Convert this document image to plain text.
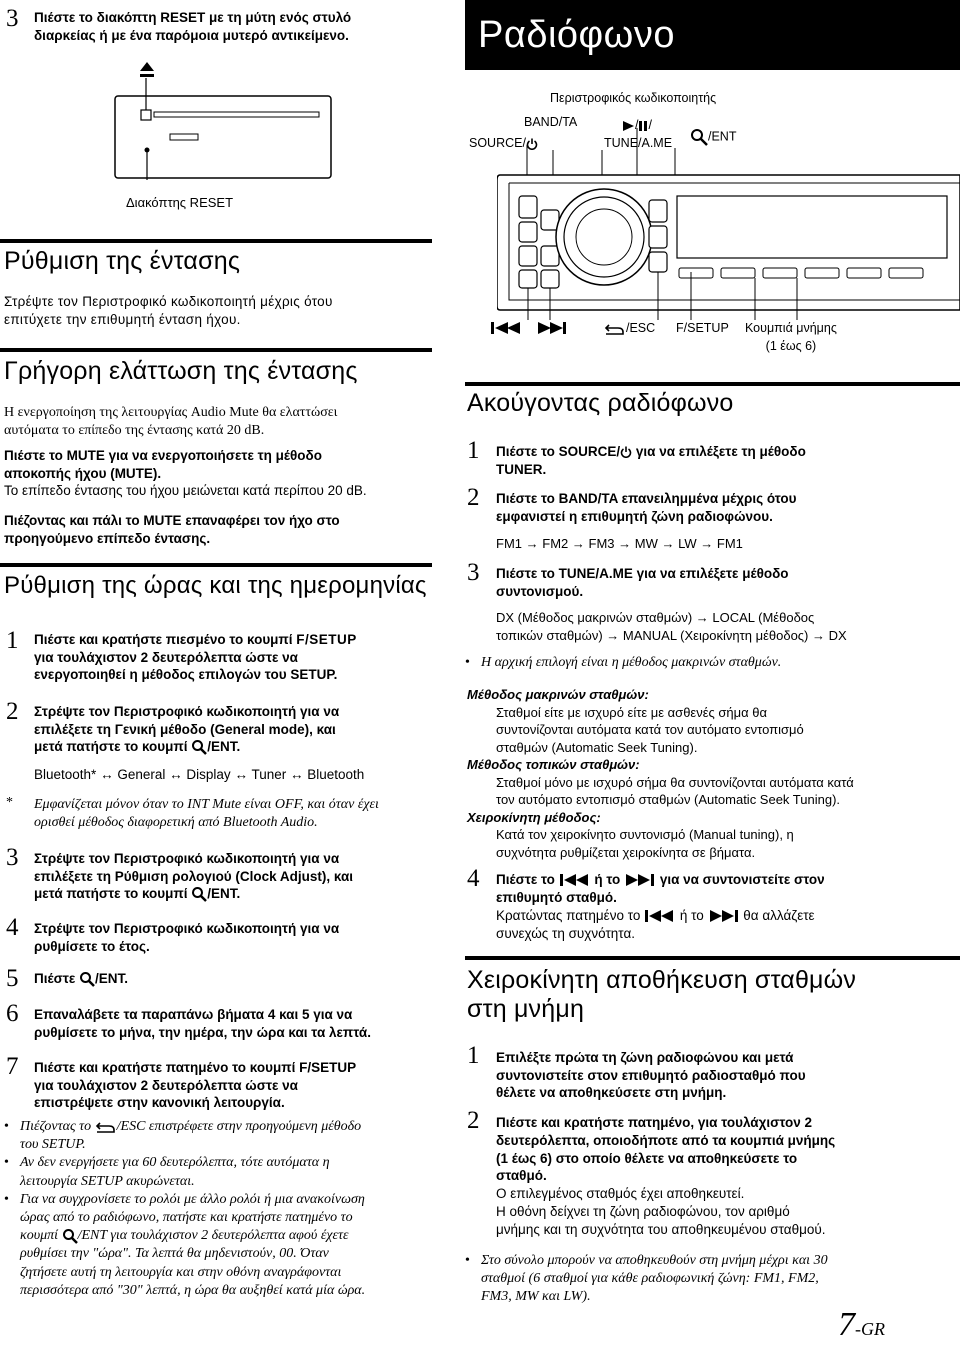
3 Πιέστε το διακόπτη RESET με τη μύτη ενός στυλό
διαρκείας ή με ένα παρόμοια μυτερό αντικείμενο.
Διακόπτης RESET
Ρύθμιση της έντασης
Στρέψτε τον Περιστροφικό κωδικοποιητή μέχρις ότου
επιτύχετε την επιθυμητή ένταση ήχου.
Γρήγορη ελάττωση της έντασης
Η ενεργοποίηση της λειτουργίας Audio Mute θα ελαττώσει
αυτόματα το επίπεδο της έντασης κατά 20 dB.
Πιέστε το MUTE για να ενεργοποιήσετε τη μέθοδο
αποκοπής ήχου (MUTE).
Το επίπεδο έντασης του ήχου μειώνεται κατά περίπου 20 dB.
Πιέζοντας και πάλι το MUTE επαναφέρει τον ήχο στο
προηγούμενο επίπεδο έντασης.
Ρύθμιση της ώρας και της ημερομηνίας
1 Πιέστε και κρατήστε πιεσμένο το κουμπί F/SETUP
για τουλάχιστον 2 δευτερόλεπτα ώστε να
ενεργοποιηθεί η μέθοδος επιλογών του SETUP.
2 Στρέψτε τον Περιστροφικό κωδικοποιητή για να
επιλέξετε τη Γενική μέθοδο (General mode), και
μετά πατήστε το κουμπί /ENT.
Bluetooth* ↔ General ↔ Display ↔ Tuner ↔ Bluetooth
* Εμφανίζεται μόνον όταν το INT Mute είναι OFF, και όταν έχει
ορισθεί μέθοδος διαφορετική από Bluetooth Audio.
3 Στρέψτε τον Περιστροφικό κωδικοποιητή για να
επιλέξετε τη Ρύθμιση ρολογιού (Clock Adjust), και
μετά πατήστε το κουμπί /ENT.
4 Στρέψτε τον Περιστροφικό κωδικοποιητή για να
ρυθμίσετε το έτος.
5 Πιέστε /ENT.
6 Επαναλάβετε τα παραπάνω βήματα 4 και 5 για να
ρυθμίσετε το μήνα, την ημέρα, την ώρα και τα λεπτά.
7 Πιέστε και κρατήστε πατημένο το κουμπί F/SETUP
για τουλάχιστον 2 δευτερόλεπτα ώστε να
επιστρέψετε στην κανονική λειτουργία.
• Πιέζοντας το /ESC επιστρέφετε στην προηγούμενη μέθοδο
του SETUP.
• Αν δεν ενεργήσετε για 60 δευτερόλεπτα, τότε αυτόματα η
λειτουργία SETUP ακυρώνεται.
• Για να συγχρονίσετε το ρολόι με άλλο ρολόι ή μια ανακοίνωση
ώρας από το ραδιόφωνο, πατήστε και κρατήστε πατημένο το
κουμπί /ENT για τουλάχιστον 2 δευτερόλεπτα αφού έχετε
ρυθμίσει την "ώρα". Τα λεπτά θα μηδενιστούν, 00. Όταν
ζητήσετε αυτή τη λειτουργία και στην οθόνη αναγράφονται
περισσότερα από "30" λεπτά, η ώρα θα αυξηθεί κατά μία ώρα.
Ραδιόφωνο
Περιστροφικός κωδικοποιητής
BAND/TA
SOURCE/
/ /
TUNE/A.ME	/ENT
/ESC F/SETUP Κουμπιά μνήμης
(1 έως 6)
Ακούγοντας ραδιόφωνο
1 Πιέστε το SOURCE/ για να επιλέξετε τη μέθοδο
TUNER.
2 Πιέστε το BAND/TA επανειλημμένα μέχρις ότου
εμφανιστεί η επιθυμητή ζώνη ραδιοφώνου.
FM1 → FM2 → FM3 → MW → LW → FM1
3 Πιέστε το TUNE/A.ME για να επιλέξετε μέθοδο
συντονισμού.
DX (Μέθοδος μακρινών σταθμών) → LOCAL (Μέθοδος
τοπικών σταθμών) → MANUAL (Χειροκίνητη μέθοδος) → DX
• Η αρχική επιλογή είναι η μέθοδος μακρινών σταθμών.
Μέθοδος μακρινών σταθμών:
Σταθμοί είτε με ισχυρό είτε με ασθενές σήμα θα
συντονίζονται αυτόματα κατά τον αυτόματο εντοπισμό
σταθμών (Automatic Seek Tuning).
Μέθοδος τοπικών σταθμών:
Σταθμοί μόνο με ισχυρό σήμα θα συντονίζονται αυτόματα κατά
τον αυτόματο εντοπισμό σταθμών (Automatic Seek Tuning).
Χειροκίνητη μέθοδος:
Κατά τον χειροκίνητο συντονισμό (Manual tuning), η
συχνότητα ρυθμίζεται χειροκίνητα σε βήματα.
4 Πιέστε το  ή το  για να συντονιστείτε στον
επιθυμητό σταθμό.
Κρατώντας πατημένο το  ή το  θα αλλάζετε
συνεχώς τη συχνότητα.
Χειροκίνητη αποθήκευση σταθμών
στη μνήμη
1 Επιλέξτε πρώτα τη ζώνη ραδιοφώνου και μετά
συντονιστείτε στον επιθυμητό ραδιοσταθμό που
θέλετε να αποθηκεύσετε στη μνήμη.
2 Πιέστε και κρατήστε πατημένο, για τουλάχιστον 2
δευτερόλεπτα, οποιοδήποτε από τα κουμπιά μνήμης
(1 έως 6) στο οποίο θέλετε να αποθηκεύσετε το
σταθμό.
Ο επιλεγμένος σταθμός έχει αποθηκευτεί.
Η οθόνη δείχνει τη ζώνη ραδιοφώνου, τον αριθμό
μνήμης και τη συχνότητα του αποθηκευμένου σταθμού.
• Στο σύνολο μπορούν να αποθηκευθούν στη μνήμη μέχρι και 30
σταθμοί (6 σταθμοί για κάθε ραδιοφωνική ζώνη: FM1, FM2,
FM3, MW και LW).
7-GR
